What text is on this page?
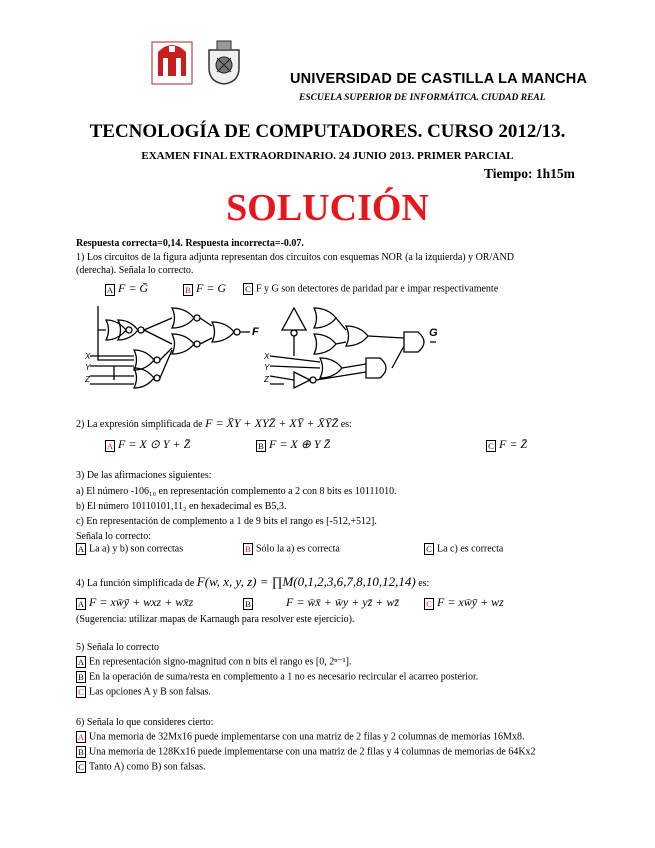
UNIVERSIDAD DE CASTILLA LA MANCHA
ESCUELA SUPERIOR DE INFORMÁTICA. CIUDAD REAL
TECNOLOGÍA DE COMPUTADORES. CURSO 2012/13.
EXAMEN FINAL EXTRAORDINARIO. 24 JUNIO 2013. PRIMER PARCIAL
Tiempo: 1h15m
SOLUCIÓN
Respuesta correcta=0,14. Respuesta incorrecta=-0.07.
1) Los circuitos de la figura adjunta representan dos circuitos con esquemas NOR (a la izquierda) y OR/AND
(derecha). Señala lo correcto.
A F = Ḡ	B F = G C F y G son detectores de paridad par e impar respectivamente
F	G
X
Y
Z
X
Y
Z
2) La expresión simplificada de F = X̄Y + XYZ̄ + XȲ + X̄ȲZ̄ es:
A F = X ⊙ Y + Z̄	B F = X ⊕ Y Z̄	C F = Z̄
3) De las afirmaciones siguientes:
a) El número -106₁₀ en representación complemento a 2 con 8 bits es 10111010.
b) El número 10110101,11₂ en hexadecimal es B5,3.
c) En representación de complemento a 1 de 9 bits el rango es [-512,+512].
Señala lo correcto:
A La a) y b) son correctas	B Sólo la a) es correcta	C La c) es correcta
4) La función simplificada de F(w, x, y, z) = ∏M(0,1,2,3,6,7,8,10,12,14) es:
A F = xw̄ȳ + wxz + wx̄z	B	F = w̄x̄ + w̄y + yz̄ + wz̄	C F = xw̄ȳ + wz
(Sugerencia: utilizar mapas de Karnaugh para resolver este ejercicio).
5) Señala lo correcto
A En representación signo-magnitud con n bits el rango es [0, 2ⁿ⁻¹].
B En la operación de suma/resta en complemento a 1 no es necesario recircular el acarreo posterior.
C Las opciones A y B son falsas.
6) Señala lo que consideres cierto:
A Una memoria de 32Mx16 puede implementarse con una matriz de 2 filas y 2 columnas de memorias 16Mx8.
B Una memoria de 128Kx16 puede implementarse con una matriz de 2 filas y 4 columnas de memorias de 64Kx2
C Tanto A) como B) son falsas.
